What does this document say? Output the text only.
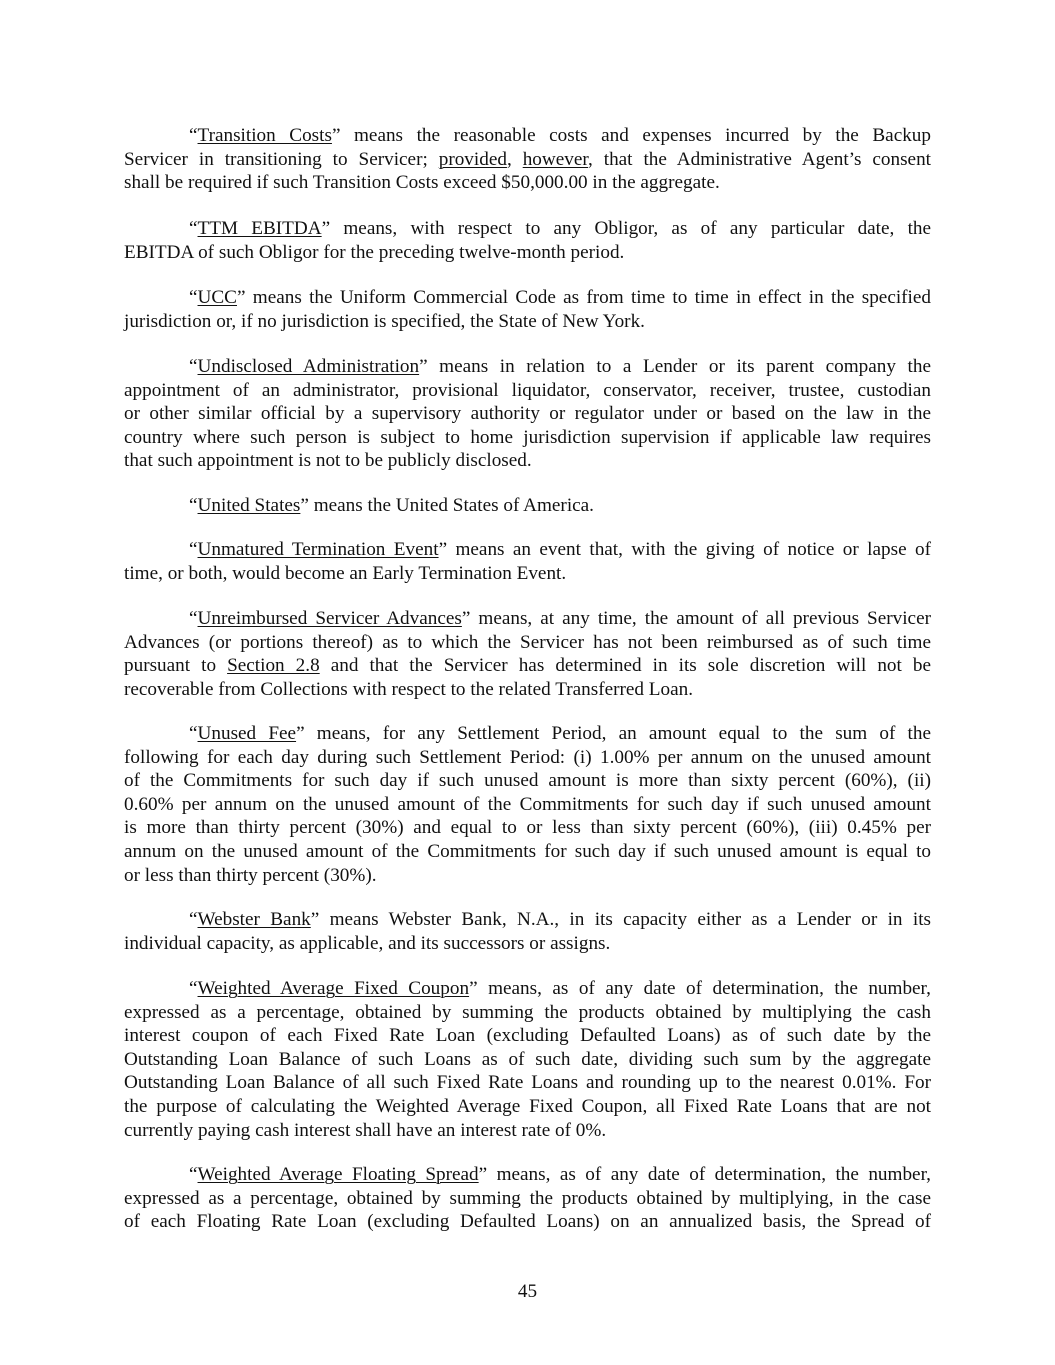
“Transition Costs” means the reasonable costs and expenses incurred by the Backup
Servicer in transitioning to Servicer; provided, however, that the Administrative Agent’s consent
shall be required if such Transition Costs exceed $50,000.00 in the aggregate.
“TTM EBITDA” means, with respect to any Obligor, as of any particular date, the
EBITDA of such Obligor for the preceding twelve-month period.
“UCC” means the Uniform Commercial Code as from time to time in effect in the specified
jurisdiction or, if no jurisdiction is specified, the State of New York.
“Undisclosed Administration” means in relation to a Lender or its parent company the
appointment of an administrator, provisional liquidator, conservator, receiver, trustee, custodian
or other similar official by a supervisory authority or regulator under or based on the law in the
country where such person is subject to home jurisdiction supervision if applicable law requires
that such appointment is not to be publicly disclosed.
“United States” means the United States of America.
“Unmatured Termination Event” means an event that, with the giving of notice or lapse of
time, or both, would become an Early Termination Event.
“Unreimbursed Servicer Advances” means, at any time, the amount of all previous Servicer
Advances (or portions thereof) as to which the Servicer has not been reimbursed as of such time
pursuant to Section 2.8 and that the Servicer has determined in its sole discretion will not be
recoverable from Collections with respect to the related Transferred Loan.
“Unused Fee” means, for any Settlement Period, an amount equal to the sum of the
following for each day during such Settlement Period: (i) 1.00% per annum on the unused amount
of the Commitments for such day if such unused amount is more than sixty percent (60%), (ii)
0.60% per annum on the unused amount of the Commitments for such day if such unused amount
is more than thirty percent (30%) and equal to or less than sixty percent (60%), (iii) 0.45% per
annum on the unused amount of the Commitments for such day if such unused amount is equal to
or less than thirty percent (30%).
“Webster Bank” means Webster Bank, N.A., in its capacity either as a Lender or in its
individual capacity, as applicable, and its successors or assigns.
“Weighted Average Fixed Coupon” means, as of any date of determination, the number,
expressed as a percentage, obtained by summing the products obtained by multiplying the cash
interest coupon of each Fixed Rate Loan (excluding Defaulted Loans) as of such date by the
Outstanding Loan Balance of such Loans as of such date, dividing such sum by the aggregate
Outstanding Loan Balance of all such Fixed Rate Loans and rounding up to the nearest 0.01%. For
the purpose of calculating the Weighted Average Fixed Coupon, all Fixed Rate Loans that are not
currently paying cash interest shall have an interest rate of 0%.
“Weighted Average Floating Spread” means, as of any date of determination, the number,
expressed as a percentage, obtained by summing the products obtained by multiplying, in the case
of each Floating Rate Loan (excluding Defaulted Loans) on an annualized basis, the Spread of
45
